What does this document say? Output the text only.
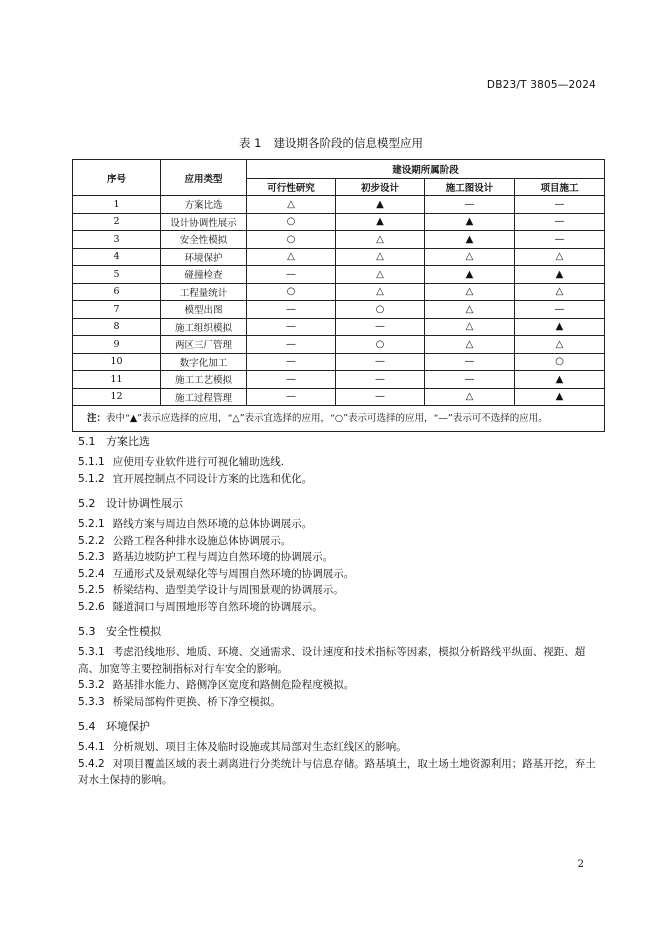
DB23/T 3805—2024
表 1 建设期各阶段的信息模型应用
序号	应用类型	建设期所属阶段			
		可行性研究	初步设计	施工图设计	项目施工
1	方案比选	△	▲	—	—
2	设计协调性展示	○	▲	▲	—
3	安全性模拟	○	△	▲	—
4	环境保护	△	△	△	△
5	碰撞检查	—	△	▲	▲
6	工程量统计	○	△	△	△
7	模型出图	—	○	△	—
8	施工组织模拟	—	—	△	▲
9	两区三厂管理	—	○	△	△
10	数字化加工	—	—	—	○
11	施工工艺模拟	—	—	—	▲
12	施工过程管理	—	—	△	▲
注：表中“▲”表示应选择的应用，“△”表示宜选择的应用，“○”表示可选择的应用，“—”表示可不选择的应用。					

5.1 方案比选

5.1.1 应使用专业软件进行可视化辅助选线.

5.1.2 宜开展控制点不同设计方案的比选和优化。

5.2 设计协调性展示

5.2.1 路线方案与周边自然环境的总体协调展示。

5.2.2 公路工程各种排水设施总体协调展示。

5.2.3 路基边坡防护工程与周边自然环境的协调展示。

5.2.4 互通形式及景观绿化等与周围自然环境的协调展示。

5.2.5 桥梁结构、造型美学设计与周围景观的协调展示。

5.2.6 隧道洞口与周围地形等自然环境的协调展示。

5.3 安全性模拟

5.3.1 考虑沿线地形、地质、环境、交通需求、设计速度和技术指标等因素，模拟分析路线平纵面、视距、超高、加宽等主要控制指标对行车安全的影响。

5.3.2 路基排水能力、路侧净区宽度和路侧危险程度模拟。

5.3.3 桥梁局部构件更换、桥下净空模拟。

5.4 环境保护

5.4.1 分析规划、项目主体及临时设施或其局部对生态红线区的影响。

5.4.2 对项目覆盖区域的表土剥离进行分类统计与信息存储。路基填土，取土场土地资源利用；路基开挖，弃土对水土保持的影响。

2
